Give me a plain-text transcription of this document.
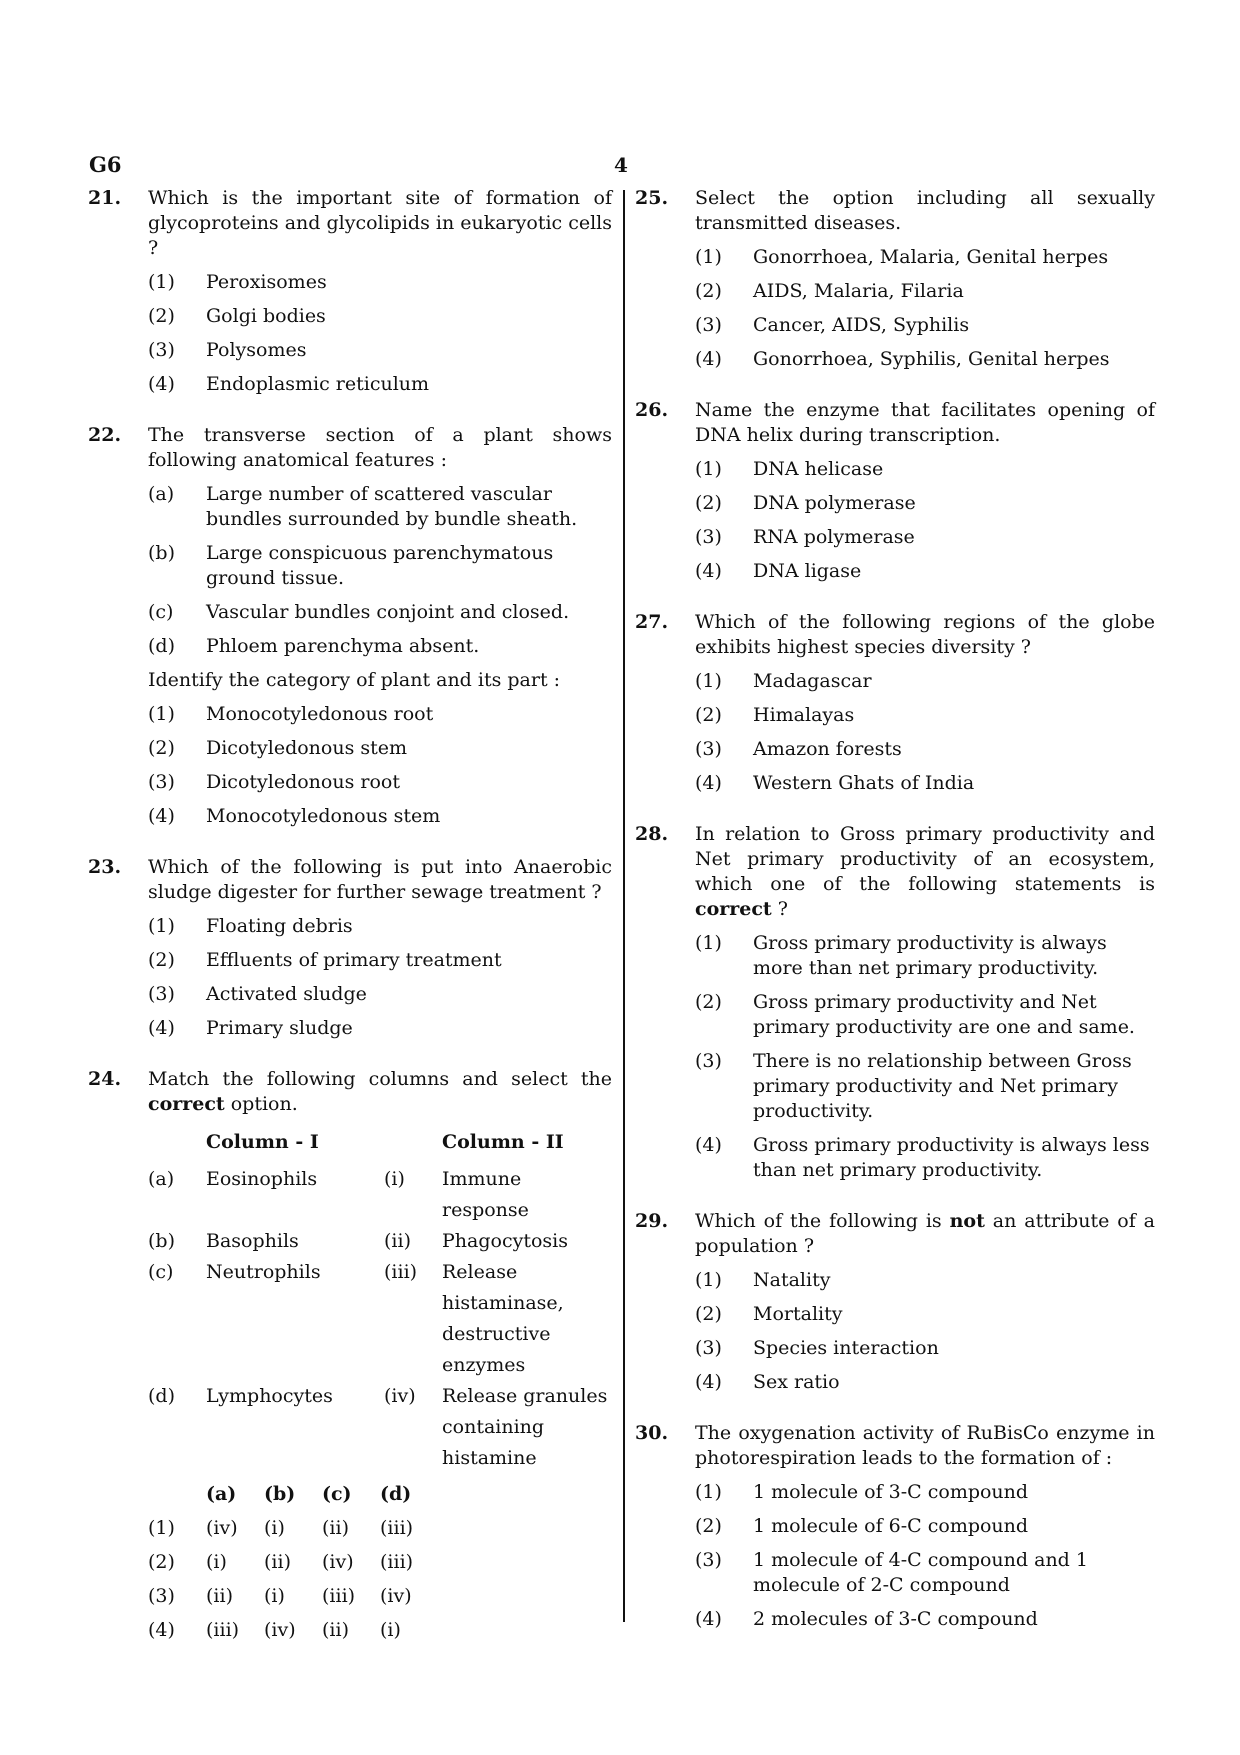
G6	4
21. Which is the important site of formation of glycoproteins and glycolipids in eukaryotic cells ?
(1) Peroxisomes
(2) Golgi bodies
(3) Polysomes
(4) Endoplasmic reticulum
22. The transverse section of a plant shows following anatomical features :
(a) Large number of scattered vascular bundles surrounded by bundle sheath.
(b) Large conspicuous parenchymatous ground tissue.
(c) Vascular bundles conjoint and closed.
(d) Phloem parenchyma absent.
Identify the category of plant and its part :
(1) Monocotyledonous root
(2) Dicotyledonous stem
(3) Dicotyledonous root
(4) Monocotyledonous stem
23. Which of the following is put into Anaerobic sludge digester for further sewage treatment ?
(1) Floating debris
(2) Effluents of primary treatment
(3) Activated sludge
(4) Primary sludge
24. Match the following columns and select the correct option.
	Column - I		Column - II
(a)	Eosinophils	(i)	Immune response
(b)	Basophils	(ii)	Phagocytosis
(c)	Neutrophils	(iii)	Release histaminase, destructive enzymes
(d)	Lymphocytes	(iv)	Release granules containing histamine
	(a)	(b)	(c)	(d)
(1)	(iv)	(i)	(ii)	(iii)
(2)	(i)	(ii)	(iv)	(iii)
(3)	(ii)	(i)	(iii)	(iv)
(4)	(iii)	(iv)	(ii)	(i)
25. Select the option including all sexually transmitted diseases.
(1) Gonorrhoea, Malaria, Genital herpes
(2) AIDS, Malaria, Filaria
(3) Cancer, AIDS, Syphilis
(4) Gonorrhoea, Syphilis, Genital herpes
26. Name the enzyme that facilitates opening of DNA helix during transcription.
(1) DNA helicase
(2) DNA polymerase
(3) RNA polymerase
(4) DNA ligase
27. Which of the following regions of the globe exhibits highest species diversity ?
(1) Madagascar
(2) Himalayas
(3) Amazon forests
(4) Western Ghats of India
28. In relation to Gross primary productivity and Net primary productivity of an ecosystem, which one of the following statements is correct ?
(1) Gross primary productivity is always more than net primary productivity.
(2) Gross primary productivity and Net primary productivity are one and same.
(3) There is no relationship between Gross primary productivity and Net primary productivity.
(4) Gross primary productivity is always less than net primary productivity.
29. Which of the following is not an attribute of a population ?
(1) Natality
(2) Mortality
(3) Species interaction
(4) Sex ratio
30. The oxygenation activity of RuBisCo enzyme in photorespiration leads to the formation of :
(1) 1 molecule of 3-C compound
(2) 1 molecule of 6-C compound
(3) 1 molecule of 4-C compound and 1 molecule of 2-C compound
(4) 2 molecules of 3-C compound
